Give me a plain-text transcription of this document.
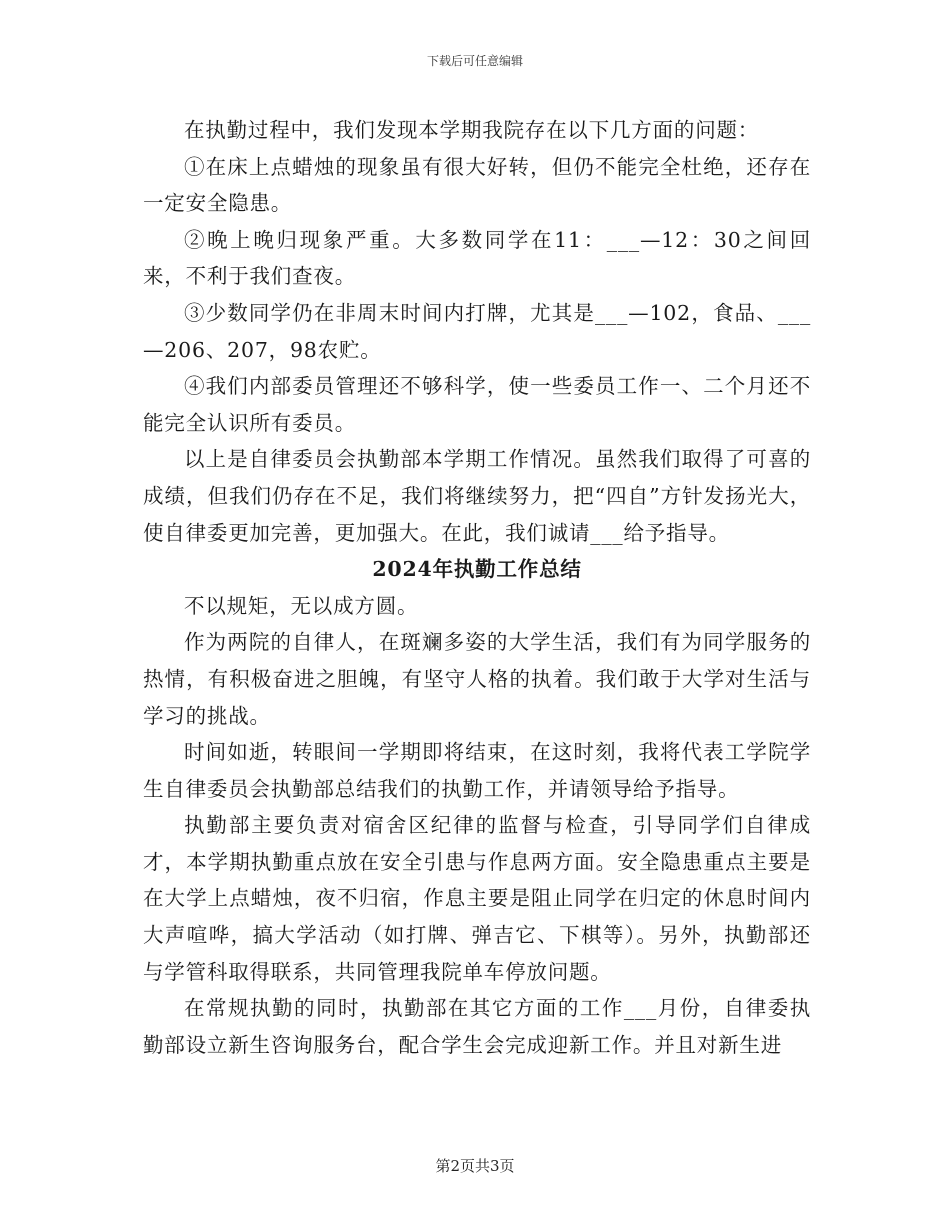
下载后可任意编辑

在执勤过程中，我们发现本学期我院存在以下几方面的问题：

①在床上点蜡烛的现象虽有很大好转，但仍不能完全杜绝，还存在一定安全隐患。

②晚上晚归现象严重。大多数同学在11：___—12：30之间回来，不利于我们查夜。

③少数同学仍在非周末时间内打牌，尤其是___—102，食品、___—206、207，98农贮。

④我们内部委员管理还不够科学，使一些委员工作一、二个月还不能完全认识所有委员。

以上是自律委员会执勤部本学期工作情况。虽然我们取得了可喜的成绩，但我们仍存在不足，我们将继续努力，把“四自”方针发扬光大，使自律委更加完善，更加强大。在此，我们诚请___给予指导。

2024年执勤工作总结

不以规矩，无以成方圆。

作为两院的自律人，在斑斓多姿的大学生活，我们有为同学服务的热情，有积极奋进之胆魄，有坚守人格的执着。我们敢于大学对生活与学习的挑战。

时间如逝，转眼间一学期即将结束，在这时刻，我将代表工学院学生自律委员会执勤部总结我们的执勤工作，并请领导给予指导。

执勤部主要负责对宿舍区纪律的监督与检查，引导同学们自律成才，本学期执勤重点放在安全引患与作息两方面。安全隐患重点主要是在大学上点蜡烛，夜不归宿，作息主要是阻止同学在归定的休息时间内大声喧哗，搞大学活动（如打牌、弹吉它、下棋等）。另外，执勤部还与学管科取得联系，共同管理我院单车停放问题。

在常规执勤的同时，执勤部在其它方面的工作___月份，自律委执勤部设立新生咨询服务台，配合学生会完成迎新工作。并且对新生进

第2页共3页
